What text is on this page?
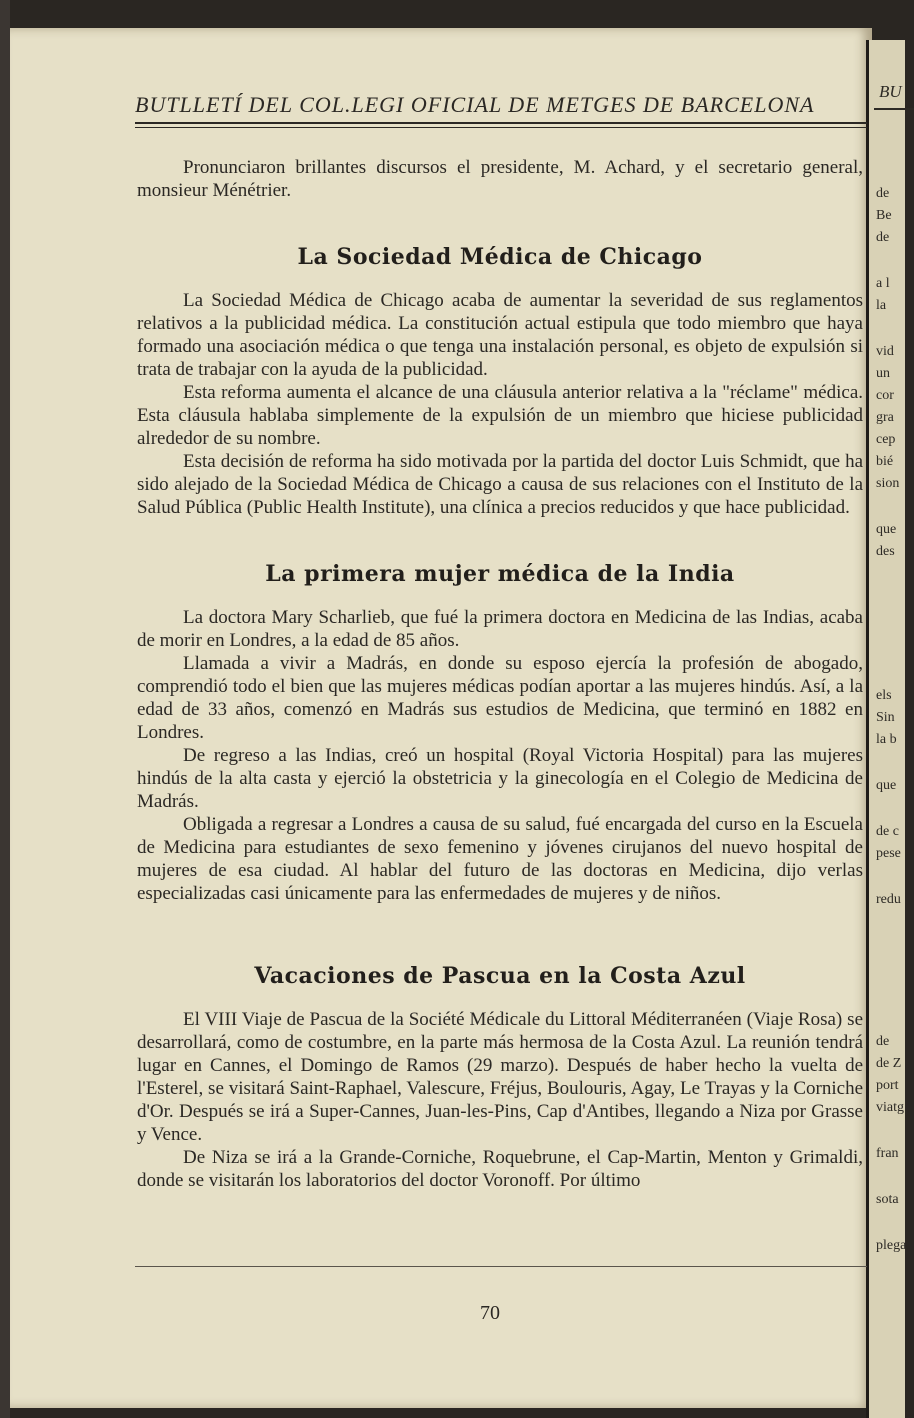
BU
de
Be
de
a l
la
vid
un
cor
gra
cep
bié
sion
que
des
els
Sin
la b
que
de c
pese
redu
de
de Z
port
viatg
fran
sota
plega
BUTLLETÍ DEL COL.LEGI OFICIAL DE METGES DE BARCELONA

Pronunciaron brillantes discursos el presidente, M. Achard, y el secretario general, monsieur Ménétrier.

La Sociedad Médica de Chicago

La Sociedad Médica de Chicago acaba de aumentar la severidad de sus reglamentos relativos a la publicidad médica. La constitución actual estipula que todo miembro que haya formado una asociación médica o que tenga una instalación personal, es objeto de expulsión si trata de trabajar con la ayuda de la publicidad.

Esta reforma aumenta el alcance de una cláusula anterior relativa a la "réclame" médica. Esta cláusula hablaba simplemente de la expulsión de un miembro que hiciese publicidad alrededor de su nombre.

Esta decisión de reforma ha sido motivada por la partida del doctor Luis Schmidt, que ha sido alejado de la Sociedad Médica de Chicago a causa de sus relaciones con el Instituto de la Salud Pública (Public Health Institute), una clínica a precios reducidos y que hace publicidad.

La primera mujer médica de la India

La doctora Mary Scharlieb, que fué la primera doctora en Medicina de las Indias, acaba de morir en Londres, a la edad de 85 años.

Llamada a vivir a Madrás, en donde su esposo ejercía la profesión de abogado, comprendió todo el bien que las mujeres médicas podían aportar a las mujeres hindús. Así, a la edad de 33 años, comenzó en Madrás sus estudios de Medicina, que terminó en 1882 en Londres.

De regreso a las Indias, creó un hospital (Royal Victoria Hospital) para las mujeres hindús de la alta casta y ejerció la obstetricia y la ginecología en el Colegio de Medicina de Madrás.

Obligada a regresar a Londres a causa de su salud, fué encargada del curso en la Escuela de Medicina para estudiantes de sexo femenino y jóvenes cirujanos del nuevo hospital de mujeres de esa ciudad. Al hablar del futuro de las doctoras en Medicina, dijo verlas especializadas casi únicamente para las enfermedades de mujeres y de niños.

Vacaciones de Pascua en la Costa Azul

El VIII Viaje de Pascua de la Société Médicale du Littoral Méditerranéen (Viaje Rosa) se desarrollará, como de costumbre, en la parte más hermosa de la Costa Azul. La reunión tendrá lugar en Cannes, el Domingo de Ramos (29 marzo). Después de haber hecho la vuelta de l'Esterel, se visitará Saint-Raphael, Valescure, Fréjus, Boulouris, Agay, Le Trayas y la Corniche d'Or. Después se irá a Super-Cannes, Juan-les-Pins, Cap d'Antibes, llegando a Niza por Grasse y Vence.

De Niza se irá a la Grande-Corniche, Roquebrune, el Cap-Martin, Menton y Grimaldi, donde se visitarán los laboratorios del doctor Voronoff. Por último

70
